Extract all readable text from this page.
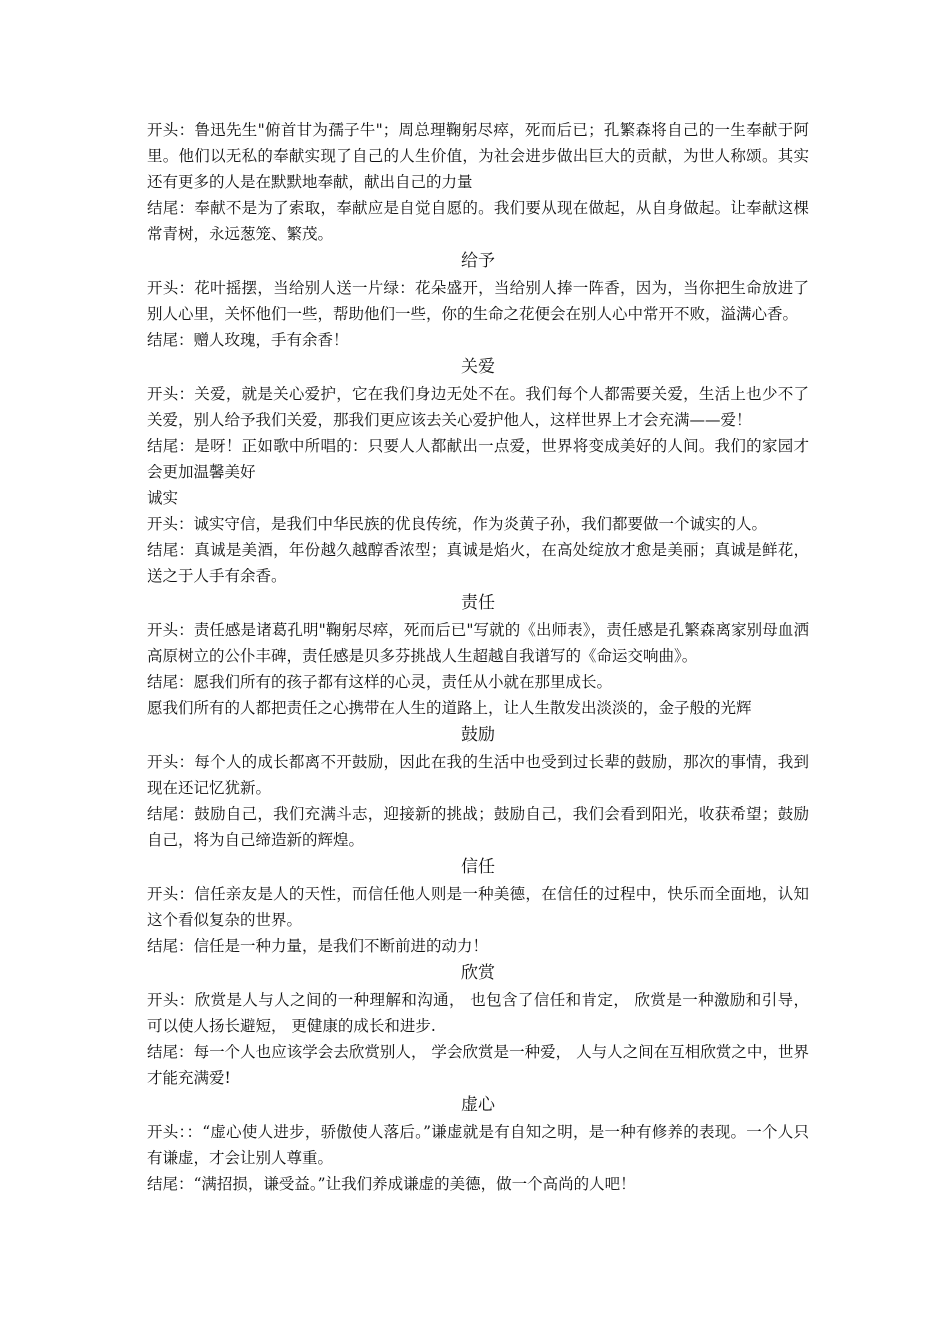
开头：鲁迅先生"俯首甘为孺子牛"；周总理鞠躬尽瘁，死而后已；孔繁森将自己的一生奉献于阿里。他们以无私的奉献实现了自己的人生价值，为社会进步做出巨大的贡献，为世人称颂。其实还有更多的人是在默默地奉献，献出自己的力量

结尾：奉献不是为了索取，奉献应是自觉自愿的。我们要从现在做起，从自身做起。让奉献这棵常青树，永远葱笼、繁茂。

给予

开头：花叶摇摆，当给别人送一片绿：花朵盛开，当给别人捧一阵香，因为，当你把生命放进了别人心里，关怀他们一些，帮助他们一些，你的生命之花便会在别人心中常开不败，溢满心香。

结尾：赠人玫瑰，手有余香！

关爱

开头：关爱，就是关心爱护，它在我们身边无处不在。我们每个人都需要关爱，生活上也少不了关爱，别人给予我们关爱，那我们更应该去关心爱护他人，这样世界上才会充满——爱！

结尾：是呀！正如歌中所唱的：只要人人都献出一点爱，世界将变成美好的人间。我们的家园才会更加温馨美好

诚实

开头：诚实守信，是我们中华民族的优良传统，作为炎黄子孙，我们都要做一个诚实的人。

结尾：真诚是美酒，年份越久越醇香浓型；真诚是焰火，在高处绽放才愈是美丽；真诚是鲜花，送之于人手有余香。

责任

开头：责任感是诸葛孔明"鞠躬尽瘁，死而后已"写就的《出师表》，责任感是孔繁森离家别母血洒高原树立的公仆丰碑，责任感是贝多芬挑战人生超越自我谱写的《命运交响曲》。

结尾：愿我们所有的孩子都有这样的心灵，责任从小就在那里成长。

愿我们所有的人都把责任之心携带在人生的道路上，让人生散发出淡淡的，金子般的光辉

鼓励

开头：每个人的成长都离不开鼓励，因此在我的生活中也受到过长辈的鼓励，那次的事情，我到现在还记忆犹新。

结尾：鼓励自己，我们充满斗志，迎接新的挑战；鼓励自己，我们会看到阳光，收获希望；鼓励自己，将为自己缔造新的辉煌。

信任

开头：信任亲友是人的天性，而信任他人则是一种美德，在信任的过程中，快乐而全面地，认知这个看似复杂的世界。

结尾：信任是一种力量，是我们不断前进的动力！

欣赏

开头：欣赏是人与人之间的一种理解和沟通， 也包含了信任和肯定， 欣赏是一种激励和引导， 可以使人扬长避短， 更健康的成长和进步.

结尾：每一个人也应该学会去欣赏别人， 学会欣赏是一种爱， 人与人之间在互相欣赏之中，世界才能充满爱!

虚心

开头：：“虚心使人进步，骄傲使人落后。”谦虚就是有自知之明，是一种有修养的表现。一个人只有谦虚，才会让别人尊重。

结尾：“满招损，谦受益。”让我们养成谦虚的美德，做一个高尚的人吧！
